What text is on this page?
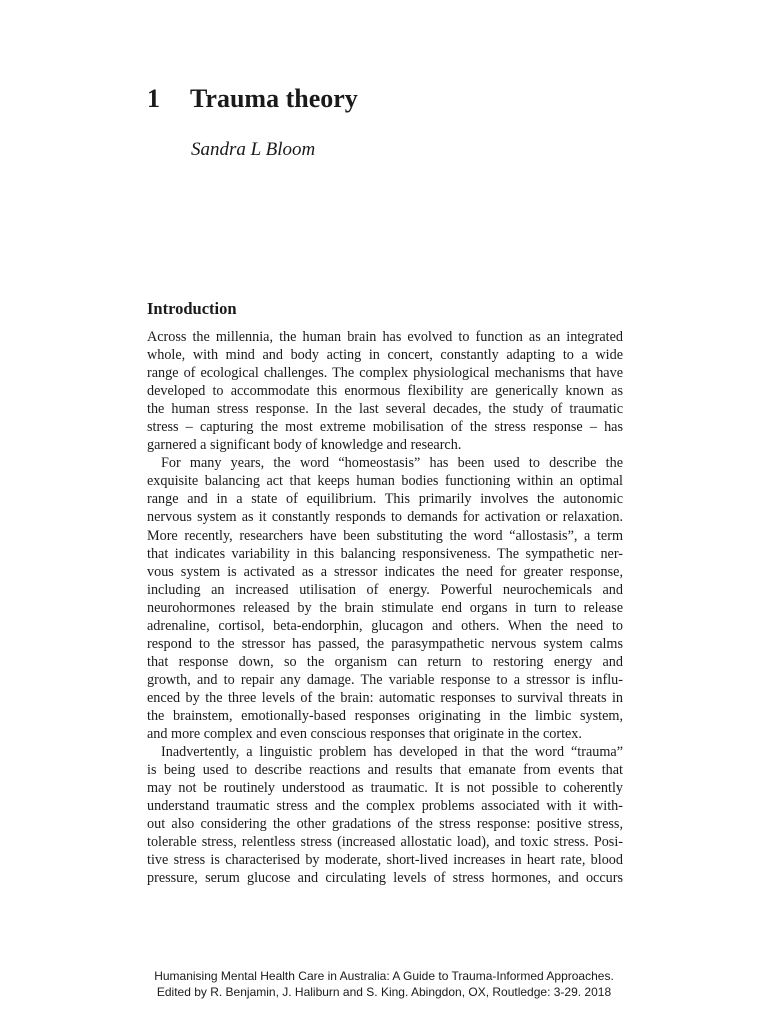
1 Trauma theory

Sandra L Bloom

Introduction
Across the millennia, the human brain has evolved to function as an integrated
whole, with mind and body acting in concert, constantly adapting to a wide
range of ecological challenges. The complex physiological mechanisms that have
developed to accommodate this enormous flexibility are generically known as
the human stress response. In the last several decades, the study of traumatic
stress – capturing the most extreme mobilisation of the stress response – has
garnered a significant body of knowledge and research.
For many years, the word “homeostasis” has been used to describe the
exquisite balancing act that keeps human bodies functioning within an optimal
range and in a state of equilibrium. This primarily involves the autonomic
nervous system as it constantly responds to demands for activation or relaxation.
More recently, researchers have been substituting the word “allostasis”, a term
that indicates variability in this balancing responsiveness. The sympathetic ner-
vous system is activated as a stressor indicates the need for greater response,
including an increased utilisation of energy. Powerful neurochemicals and
neurohormones released by the brain stimulate end organs in turn to release
adrenaline, cortisol, beta-endorphin, glucagon and others. When the need to
respond to the stressor has passed, the parasympathetic nervous system calms
that response down, so the organism can return to restoring energy and
growth, and to repair any damage. The variable response to a stressor is influ-
enced by the three levels of the brain: automatic responses to survival threats in
the brainstem, emotionally-based responses originating in the limbic system,
and more complex and even conscious responses that originate in the cortex.
Inadvertently, a linguistic problem has developed in that the word “trauma”
is being used to describe reactions and results that emanate from events that
may not be routinely understood as traumatic. It is not possible to coherently
understand traumatic stress and the complex problems associated with it with-
out also considering the other gradations of the stress response: positive stress,
tolerable stress, relentless stress (increased allostatic load), and toxic stress. Posi-
tive stress is characterised by moderate, short-lived increases in heart rate, blood
pressure, serum glucose and circulating levels of stress hormones, and occurs
Humanising Mental Health Care in Australia: A Guide to Trauma-Informed Approaches.
Edited by R. Benjamin, J. Haliburn and S. King. Abingdon, OX, Routledge: 3-29. 2018
